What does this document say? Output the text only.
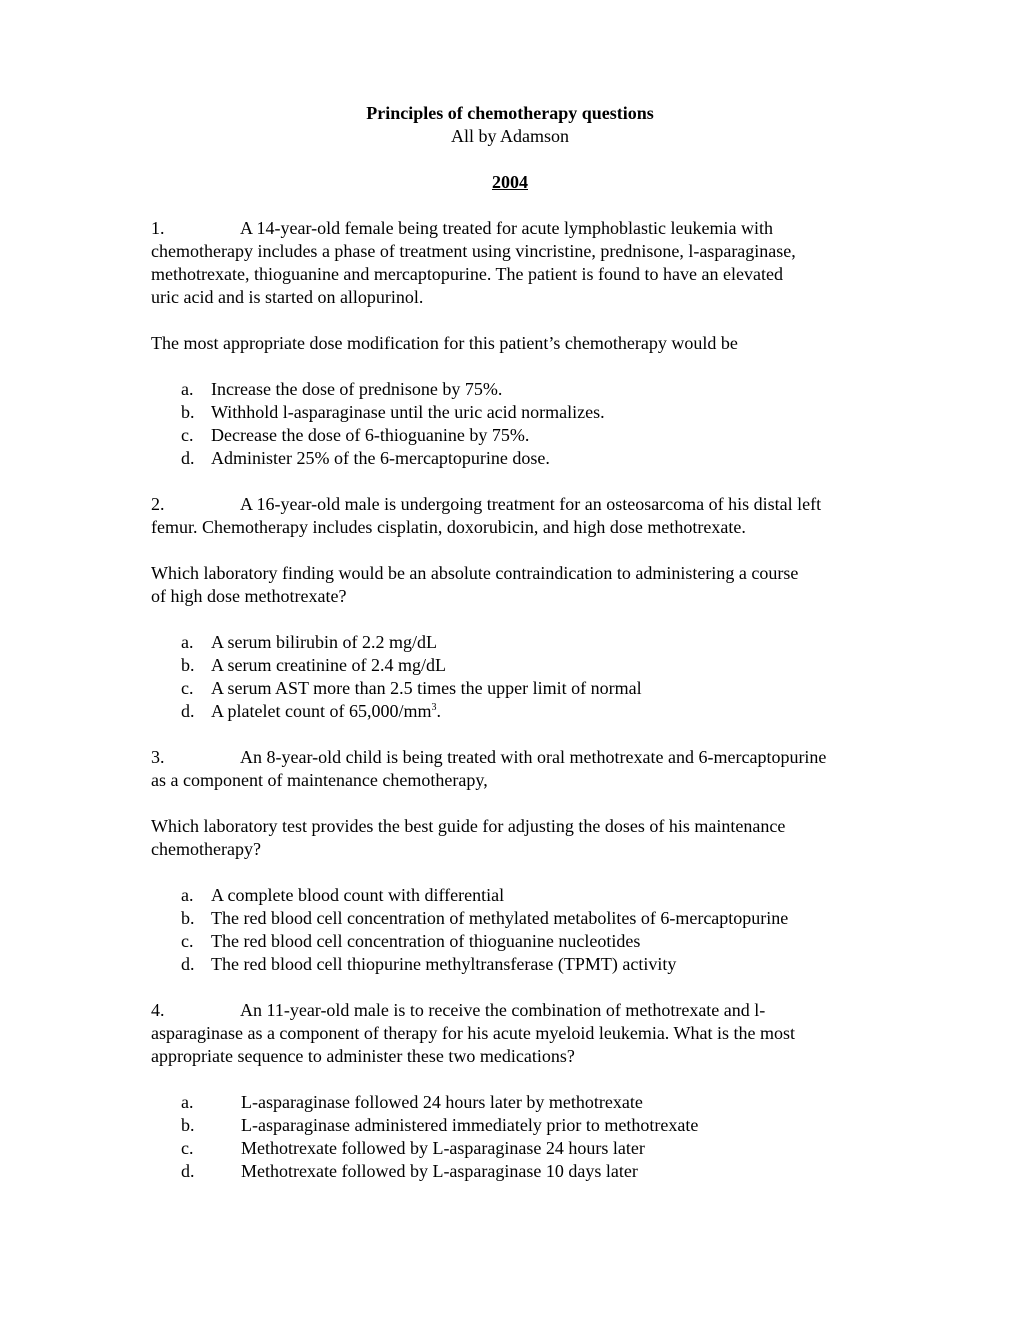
Principles of chemotherapy questions
All by Adamson
2004
1.	A 14-year-old female being treated for acute lymphoblastic leukemia with
chemotherapy includes a phase of treatment using vincristine, prednisone, l-asparaginase,
methotrexate, thioguanine and mercaptopurine. The patient is found to have an elevated
uric acid and is started on allopurinol.
The most appropriate dose modification for this patient’s chemotherapy would be
a. Increase the dose of prednisone by 75%.
b. Withhold l-asparaginase until the uric acid normalizes.
c. Decrease the dose of 6-thioguanine by 75%.
d. Administer 25% of the 6-mercaptopurine dose.
2.	A 16-year-old male is undergoing treatment for an osteosarcoma of his distal left
femur. Chemotherapy includes cisplatin, doxorubicin, and high dose methotrexate.
Which laboratory finding would be an absolute contraindication to administering a course
of high dose methotrexate?
a. A serum bilirubin of 2.2 mg/dL
b. A serum creatinine of 2.4 mg/dL
c. A serum AST more than 2.5 times the upper limit of normal
d. A platelet count of $65,000/mm^3$.
3.	An 8-year-old child is being treated with oral methotrexate and 6-mercaptopurine
as a component of maintenance chemotherapy,
Which laboratory test provides the best guide for adjusting the doses of his maintenance
chemotherapy?
a. A complete blood count with differential
b. The red blood cell concentration of methylated metabolites of 6-mercaptopurine
c. The red blood cell concentration of thioguanine nucleotides
d. The red blood cell thiopurine methyltransferase (TPMT) activity
4.	An 11-year-old male is to receive the combination of methotrexate and l-
asparaginase as a component of therapy for his acute myeloid leukemia. What is the most
appropriate sequence to administer these two medications?
a.	L-asparaginase followed 24 hours later by methotrexate
b.	L-asparaginase administered immediately prior to methotrexate
c.	Methotrexate followed by L-asparaginase 24 hours later
d.	Methotrexate followed by L-asparaginase 10 days later
